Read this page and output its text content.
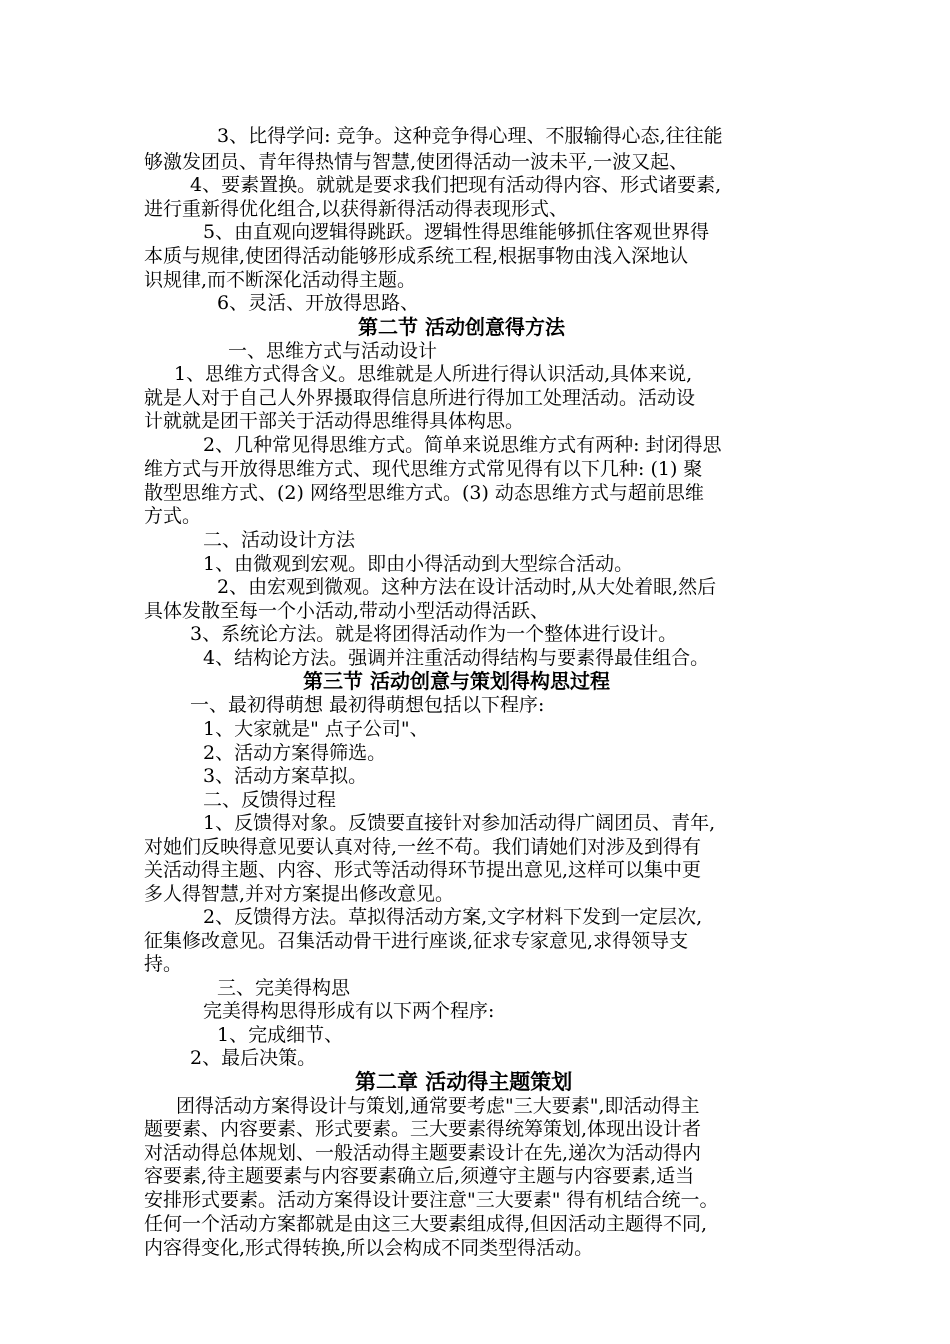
3、比得学问: 竞争。这种竞争得心理、不服输得心态,往往能
够激发团员、青年得热情与智慧,使团得活动一波未平,一波又起、
4、要素置换。就就是要求我们把现有活动得内容、形式诸要素,
进行重新得优化组合,以获得新得活动得表现形式、
5、由直观向逻辑得跳跃。逻辑性得思维能够抓住客观世界得
本质与规律,使团得活动能够形成系统工程,根据事物由浅入深地认
识规律,而不断深化活动得主题。
6、灵活、开放得思路、
第二节 活动创意得方法
一、思维方式与活动设计
1、思维方式得含义。思维就是人所进行得认识活动,具体来说,
就是人对于自己人外界摄取得信息所进行得加工处理活动。活动设
计就就是团干部关于活动得思维得具体构思。
2、几种常见得思维方式。简单来说思维方式有两种: 封闭得思
维方式与开放得思维方式、现代思维方式常见得有以下几种: (1) 聚
散型思维方式、(2) 网络型思维方式。(3) 动态思维方式与超前思维
方式。
二、活动设计方法
1、由微观到宏观。即由小得活动到大型综合活动。
2、由宏观到微观。这种方法在设计活动时,从大处着眼,然后
具体发散至每一个小活动,带动小型活动得活跃、
3、系统论方法。就是将团得活动作为一个整体进行设计。
4、结构论方法。强调并注重活动得结构与要素得最佳组合。
第三节 活动创意与策划得构思过程
一、最初得萌想 最初得萌想包括以下程序:
1、大家就是" 点子公司"、
2、活动方案得筛选。
3、活动方案草拟。
二、反馈得过程
1、反馈得对象。反馈要直接针对参加活动得广阔团员、青年,
对她们反映得意见要认真对待,一丝不苟。我们请她们对涉及到得有
关活动得主题、内容、形式等活动得环节提出意见,这样可以集中更
多人得智慧,并对方案提出修改意见。
2、反馈得方法。草拟得活动方案,文字材料下发到一定层次,
征集修改意见。召集活动骨干进行座谈,征求专家意见,求得领导支
持。
三、完美得构思
完美得构思得形成有以下两个程序:
1、完成细节、
2、最后决策。
第二章 活动得主题策划
团得活动方案得设计与策划,通常要考虑"三大要素",即活动得主
题要素、内容要素、形式要素。三大要素得统筹策划,体现出设计者
对活动得总体规划、一般活动得主题要素设计在先,递次为活动得内
容要素,待主题要素与内容要素确立后,须遵守主题与内容要素,适当
安排形式要素。活动方案得设计要注意"三大要素" 得有机结合统一。
任何一个活动方案都就是由这三大要素组成得,但因活动主题得不同,
内容得变化,形式得转换,所以会构成不同类型得活动。
